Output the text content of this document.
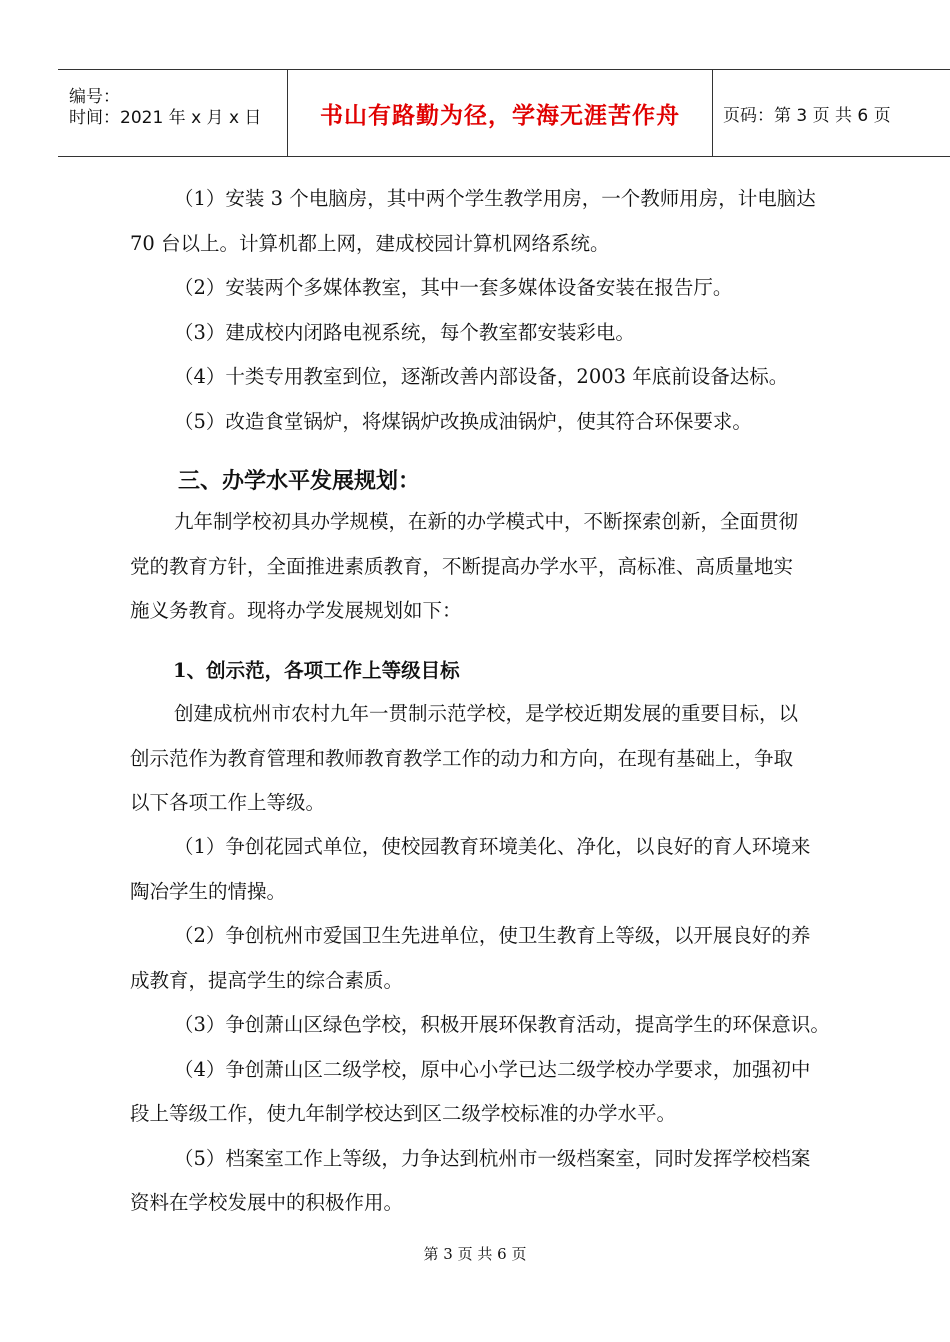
编号：
时间：2021 年 x 月 x 日	书山有路勤为径，学海无涯苦作舟	页码：第 3 页 共 6 页

（1）安装 3 个电脑房，其中两个学生教学用房，一个教师用房，计电脑达

70 台以上。计算机都上网，建成校园计算机网络系统。

（2）安装两个多媒体教室，其中一套多媒体设备安装在报告厅。

（3）建成校内闭路电视系统，每个教室都安装彩电。

（4）十类专用教室到位，逐渐改善内部设备，2003 年底前设备达标。

（5）改造食堂锅炉，将煤锅炉改换成油锅炉，使其符合环保要求。

三、办学水平发展规划：

九年制学校初具办学规模，在新的办学模式中，不断探索创新，全面贯彻

党的教育方针，全面推进素质教育，不断提高办学水平，高标准、高质量地实

施义务教育。现将办学发展规划如下：

1、创示范，各项工作上等级目标

创建成杭州市农村九年一贯制示范学校，是学校近期发展的重要目标，以

创示范作为教育管理和教师教育教学工作的动力和方向，在现有基础上，争取

以下各项工作上等级。

（1）争创花园式单位，使校园教育环境美化、净化，以良好的育人环境来

陶冶学生的情操。

（2）争创杭州市爱国卫生先进单位，使卫生教育上等级，以开展良好的养

成教育，提高学生的综合素质。

（3）争创萧山区绿色学校，积极开展环保教育活动，提高学生的环保意识。

（4）争创萧山区二级学校，原中心小学已达二级学校办学要求，加强初中

段上等级工作，使九年制学校达到区二级学校标准的办学水平。

（5）档案室工作上等级，力争达到杭州市一级档案室，同时发挥学校档案

资料在学校发展中的积极作用。

第 3 页 共 6 页
